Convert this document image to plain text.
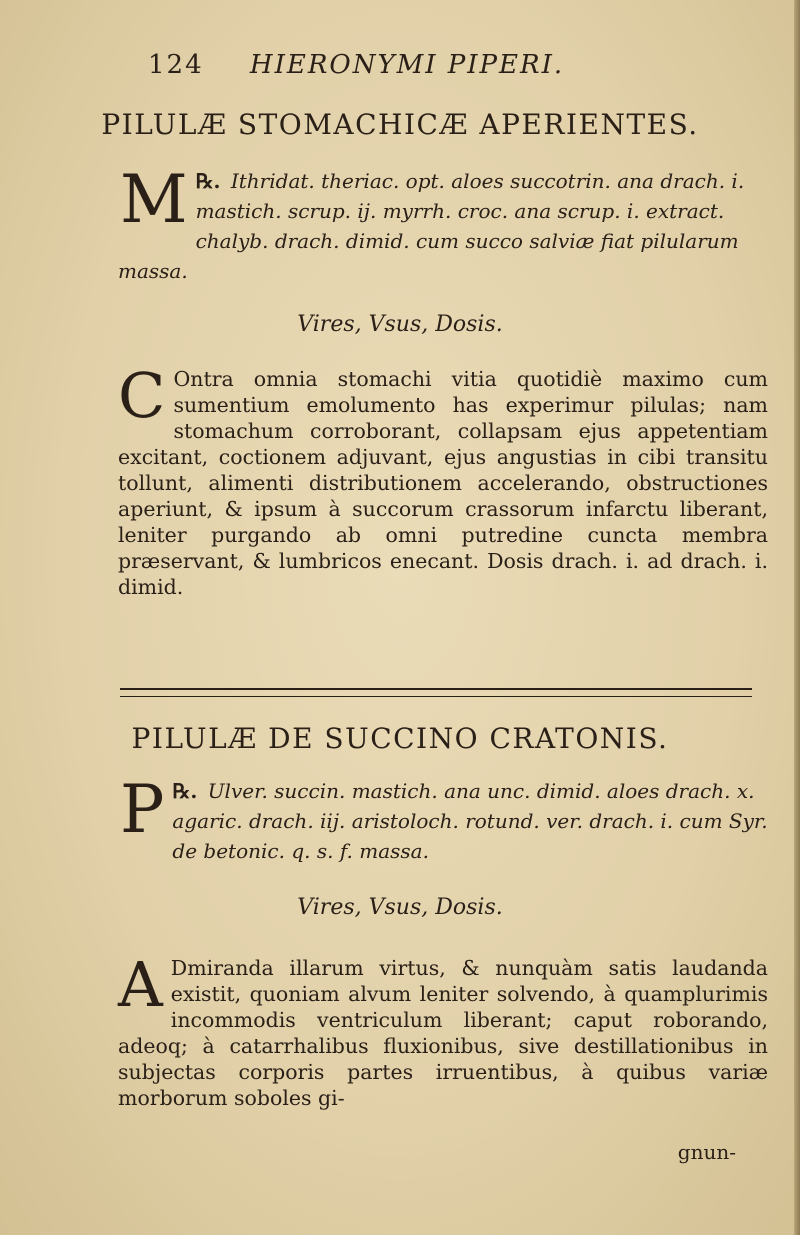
124 HIERONYMI PIPERI.
PILULÆ STOMACHICÆ APERIENTES.
℞.
M Ithridat. theriac. opt. aloes succotrin. ana drach. i. mastich. scrup. ij. myrrh. croc. ana scrup. i. extract. chalyb. drach. dimid. cum succo salviæ fiat pilularum massa.
Vires, Vsus, Dosis.
C Ontra omnia stomachi vitia quotidiè maximo cum sumentium emolumento has experimur pilulas; nam stomachum corroborant, collapsam ejus appetentiam excitant, coctionem adjuvant, ejus angustias in cibi transitu tollunt, alimenti distributionem accelerando, obstructiones aperiunt, & ipsum à succorum crassorum infarctu liberant, leniter purgando ab omni putredine cuncta membra præservant, & lumbricos enecant. Dosis drach. i. ad drach. i. dimid.
PILULÆ DE SUCCINO CRATONIS.
℞.
P Ulver. succin. mastich. ana unc. dimid. aloes drach. x. agaric. drach. iij. aristoloch. rotund. ver. drach. i. cum Syr. de betonic. q. s. f. massa.
Vires, Vsus, Dosis.
A Dmiranda illarum virtus, & nunquàm satis laudanda existit, quoniam alvum leniter solvendo, à quamplurimis incommodis ventriculum liberant; caput roborando, adeoq; à catarrhalibus fluxionibus, sive destillationibus in subjectas corporis partes irruentibus, à quibus variæ morborum soboles gi-
gnun-
